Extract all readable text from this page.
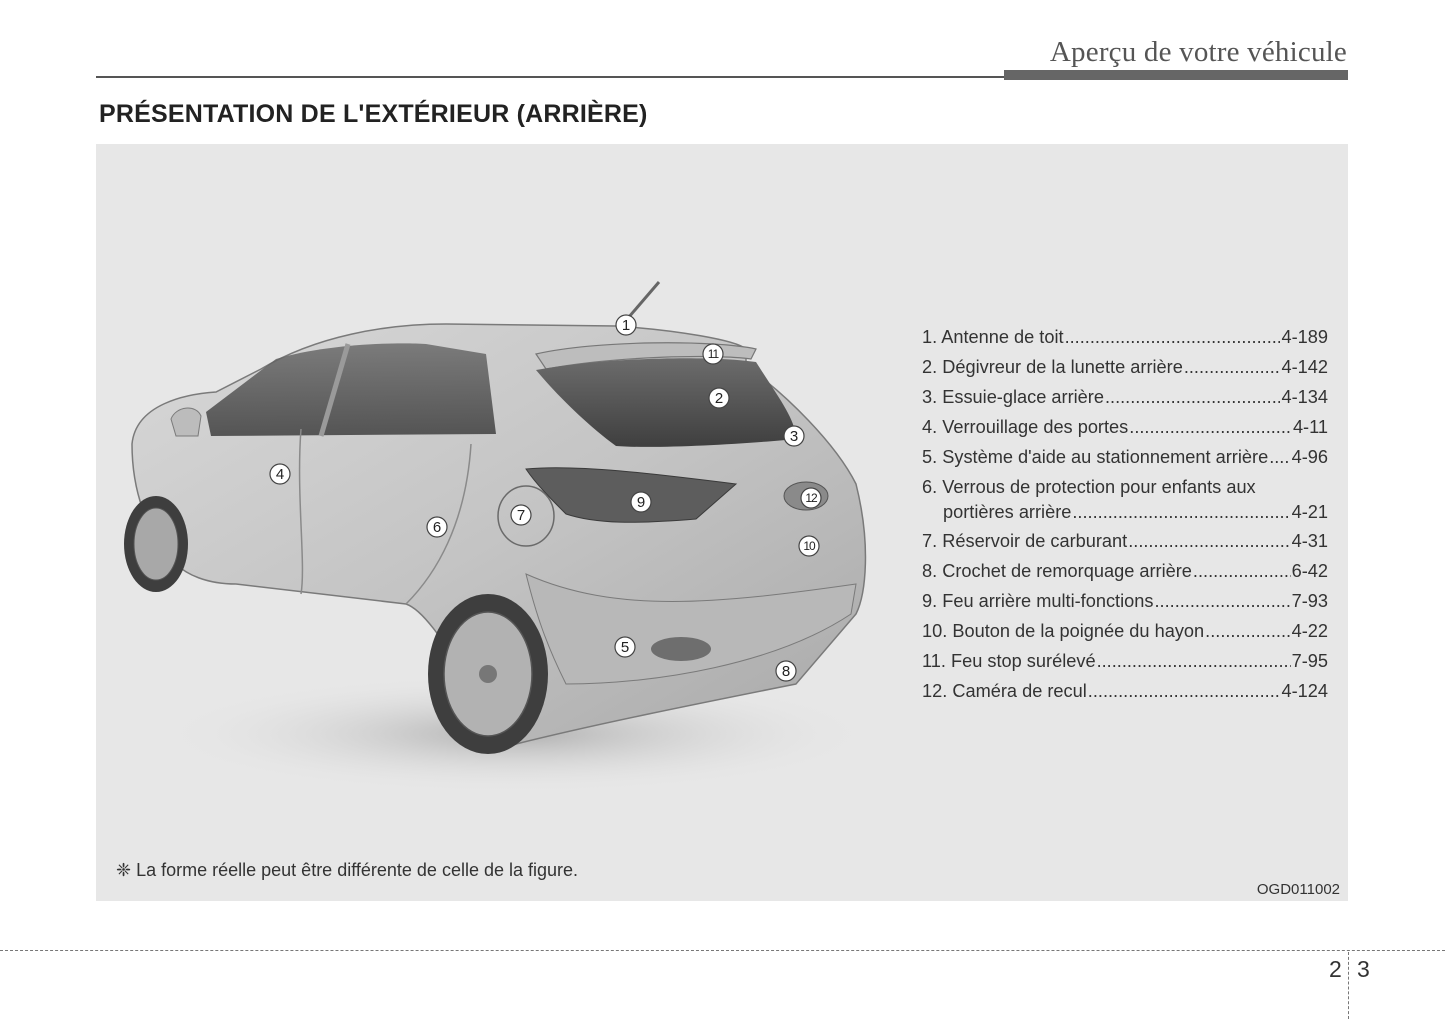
Aperçu de votre véhicule
PRÉSENTATION DE L'EXTÉRIEUR (ARRIÈRE)
1
2
3
4
5
6
7
8
9
10
11
12
1. Antenne de toit .....	4-189
2. Dégivreur de la lunette arrière .....	4-142
3. Essuie-glace arrière .....	4-134
4. Verrouillage des portes .....	4-11
5. Système d'aide au stationnement arrière ..... 4-96
6. Verrous de protection pour enfants aux
portières arrière .....	4-21
7. Réservoir de carburant .....	4-31
8. Crochet de remorquage arrière .....	6-42
9. Feu arrière multi-fonctions .....	7-93
10. Bouton de la poignée du hayon .....	4-22
11. Feu stop surélevé .....	7-95
12. Caméra de recul .....	4-124
❈ La forme réelle peut être différente de celle de la figure.
OGD011002
2 3
